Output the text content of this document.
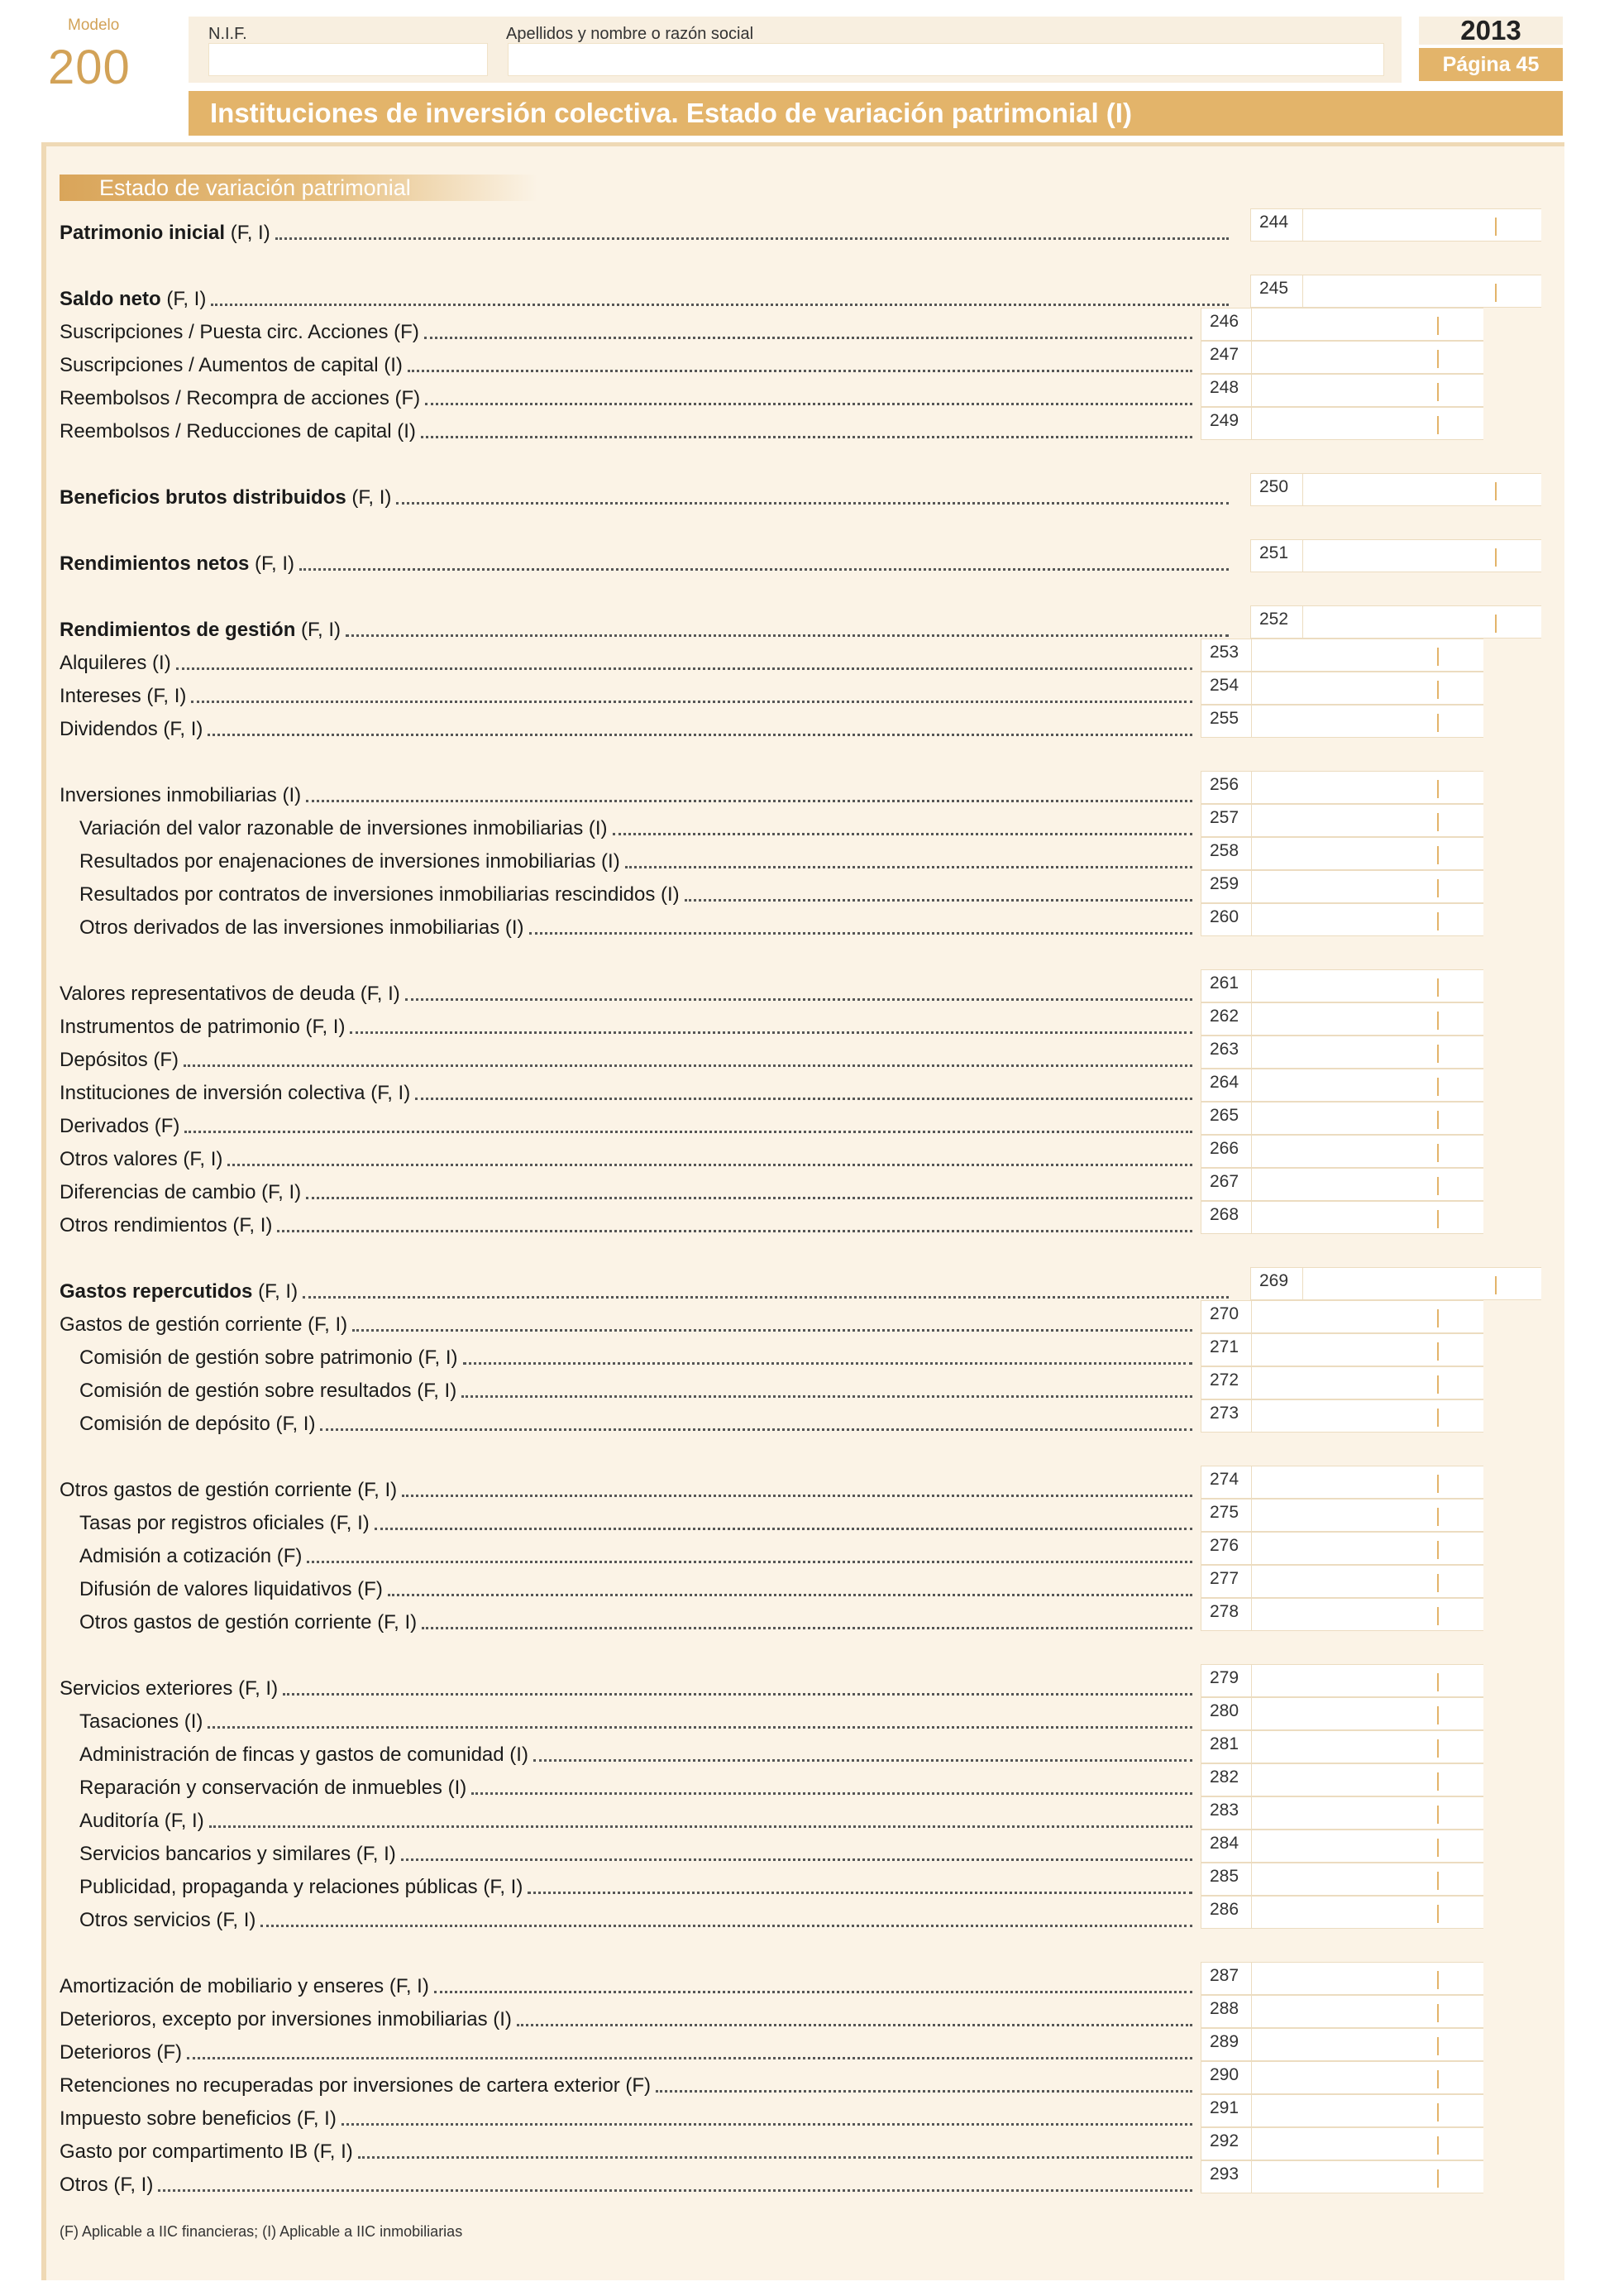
Modelo
200
N.I.F.	Apellidos y nombre o razón social	2013
Página 45
Instituciones de inversión colectiva. Estado de variación patrimonial (I)
Estado de variación patrimonial
Patrimonio inicial (F, I)	244
Saldo neto (F, I)	245
Suscripciones / Puesta circ. Acciones (F)	246
Suscripciones / Aumentos de capital (I)	247
Reembolsos / Recompra de acciones (F)	248
Reembolsos / Reducciones de capital (I)	249
Beneficios brutos distribuidos (F, I)	250
Rendimientos netos (F, I)	251
Rendimientos de gestión (F, I)	252
Alquileres (I)	253
Intereses (F, I)	254
Dividendos (F, I)	255
Inversiones inmobiliarias (I)	256
Variación del valor razonable de inversiones inmobiliarias (I)	257
Resultados por enajenaciones de inversiones inmobiliarias (I)	258
Resultados por contratos de inversiones inmobiliarias rescindidos (I)	259
Otros derivados de las inversiones inmobiliarias (I)	260
Valores representativos de deuda (F, I)	261
Instrumentos de patrimonio (F, I)	262
Depósitos (F)	263
Instituciones de inversión colectiva (F, I)	264
Derivados (F)	265
Otros valores (F, I)	266
Diferencias de cambio (F, I)	267
Otros rendimientos (F, I)	268
Gastos repercutidos (F, I)	269
Gastos de gestión corriente (F, I)	270
Comisión de gestión sobre patrimonio (F, I)	271
Comisión de gestión sobre resultados (F, I)	272
Comisión de depósito (F, I)	273
Otros gastos de gestión corriente (F, I)	274
Tasas por registros oficiales (F, I)	275
Admisión a cotización (F)	276
Difusión de valores liquidativos (F)	277
Otros gastos de gestión corriente (F, I)	278
Servicios exteriores (F, I)	279
Tasaciones (I)	280
Administración de fincas y gastos de comunidad (I)	281
Reparación y conservación de inmuebles (I)	282
Auditoría (F, I)	283
Servicios bancarios y similares (F, I)	284
Publicidad, propaganda y relaciones públicas (F, I)	285
Otros servicios (F, I)	286
Amortización de mobiliario y enseres (F, I)	287
Deterioros, excepto por inversiones inmobiliarias (I)	288
Deterioros (F)	289
Retenciones no recuperadas por inversiones de cartera exterior (F)	290
Impuesto sobre beneficios (F, I)	291
Gasto por compartimento IB (F, I)	292
Otros (F, I)	293
(F) Aplicable a IIC financieras; (I) Aplicable a IIC inmobiliarias
